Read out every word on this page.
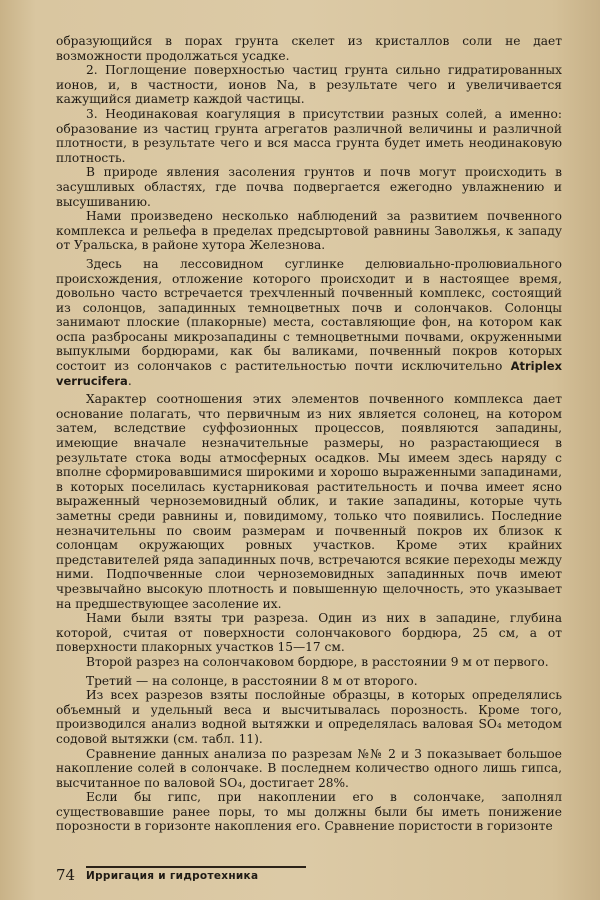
образующийся в порах грунта скелет из кристаллов соли не дает возможности продолжаться усадке.

2. Поглощение поверхностью частиц грунта сильно гидратированных ионов, и, в частности, ионов Na, в результате чего и увеличивается кажущийся диаметр каждой частицы.

3. Неодинаковая коагуляция в присутствии разных солей, а именно: образование из частиц грунта агрегатов различной величины и различной плотности, в результате чего и вся масса грунта будет иметь неодинаковую плотность.

В природе явления засоления грунтов и почв могут происходить в засушливых областях, где почва подвергается ежегодно увлажнению и высушиванию.

Нами произведено несколько наблюдений за развитием почвенного комплекса и рельефа в пределах предсыртовой равнины Заволжья, к западу от Уральска, в районе хутора Железнова.

Здесь на лессовидном суглинке делювиально-пролювиального происхождения, отложение которого происходит и в настоящее время, довольно часто встречается трехчленный почвенный комплекс, состоящий из солонцов, западинных темноцветных почв и солончаков. Солонцы занимают плоские (плакорные) места, составляющие фон, на котором как оспа разбросаны микрозападины с темноцветными почвами, окруженными выпуклыми бордюрами, как бы валиками, почвенный покров которых состоит из солончаков с растительностью почти исключительно Atriplex verrucifera.

Характер соотношения этих элементов почвенного комплекса дает основание полагать, что первичным из них является солонец, на котором затем, вследствие суффозионных процессов, появляются западины, имеющие вначале незначительные размеры, но разрастающиеся в результате стока воды атмосферных осадков. Мы имеем здесь наряду с вполне сформировавшимися широкими и хорошо выраженными западинами, в которых поселилась кустарниковая растительность и почва имеет ясно выраженный черноземовидный облик, и такие западины, которые чуть заметны среди равнины и, повидимому, только что появились. Последние незначительны по своим размерам и почвенный покров их близок к солонцам окружающих ровных участков. Кроме этих крайних представителей ряда западинных почв, встречаются всякие переходы между ними. Подпочвенные слои черноземовидных западинных почв имеют чрезвычайно высокую плотность и повышенную щелочность, это указывает на предшествующее засоление их.

Нами были взяты три разреза. Один из них в западине, глубина которой, считая от поверхности солончакового бордюра, 25 см, а от поверхности плакорных участков 15—17 см.

Второй разрез на солончаковом бордюре, в расстоянии 9 м от первого.

Третий — на солонце, в расстоянии 8 м от второго.

Из всех разрезов взяты послойные образцы, в которых определялись объемный и удельный веса и высчитывалась порозность. Кроме того, производился анализ водной вытяжки и определялась валовая SO₄ методом содовой вытяжки (см. табл. 11).

Сравнение данных анализа по разрезам №№ 2 и 3 показывает большое накопление солей в солончаке. В последнем количество одного лишь гипса, высчитанное по валовой SO₄, достигает 28%.

Если бы гипс, при накоплении его в солончаке, заполнял существовавшие ранее поры, то мы должны были бы иметь понижение порозности в горизонте накопления его. Сравнение пористости в горизонте

74 Ирригация и гидротехника
